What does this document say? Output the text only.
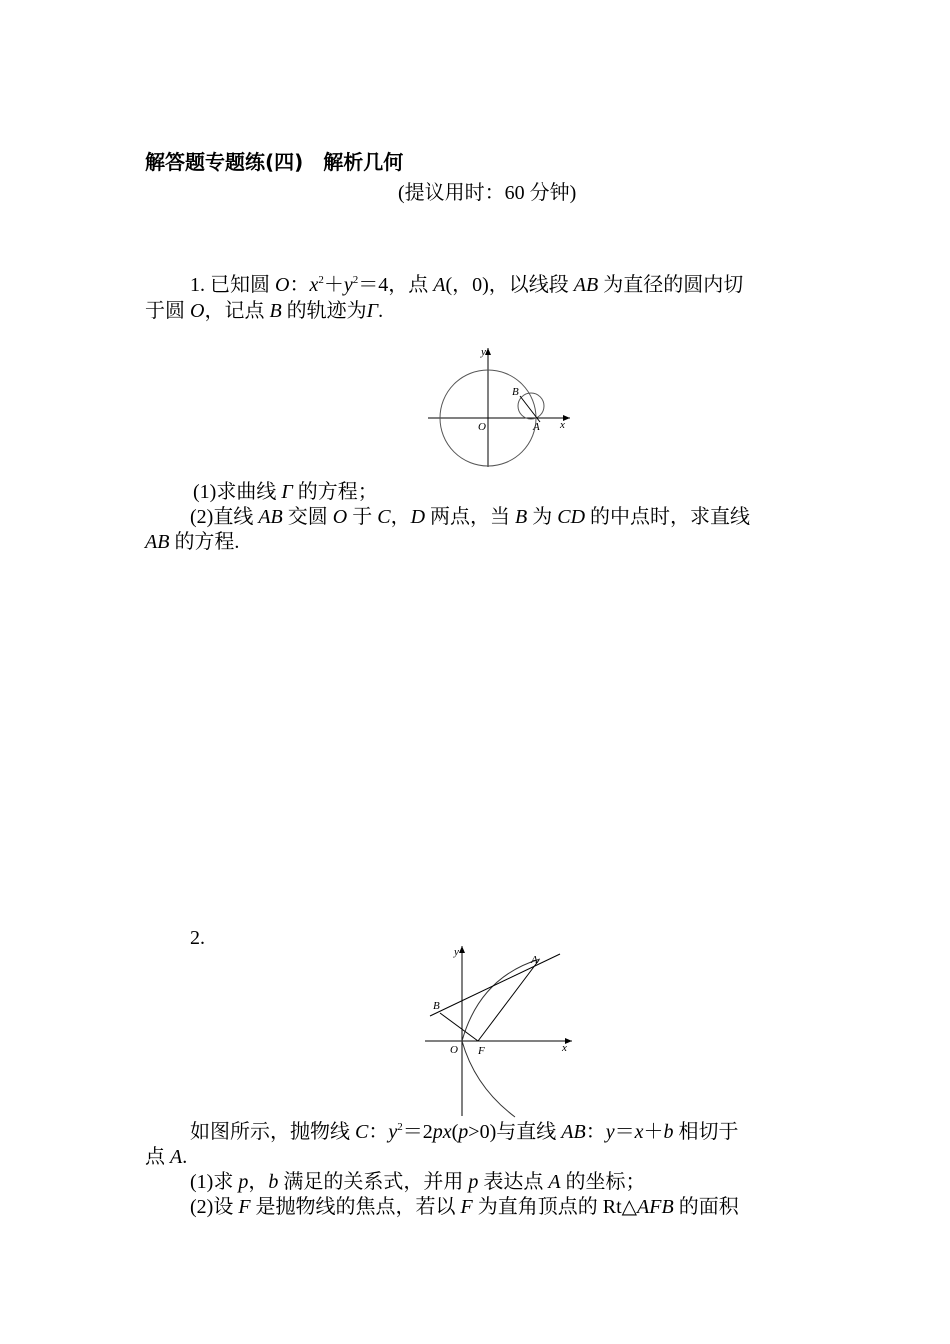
解答题专题练(四)　解析几何
(提议用时：60 分钟)
1. 已知圆 O：$x^2+y^2=4$，点 A(，0)，以线段 AB 为直径的圆内切
于圆 O，记点 B 的轨迹为Γ.
y
x
O	A
B
(1)求曲线 Γ 的方程；
(2)直线 AB 交圆 O 于 C，D 两点，当 B 为 CD 的中点时，求直线
AB 的方程.
2.
y
x
O F
A
B
如图所示，抛物线 C：$y^2=2px(p>0)$与直线 AB：y＝x＋b 相切于
点 A.
(1)求 p，b 满足的关系式，并用 p 表达点 A 的坐标；
(2)设 F 是抛物线的焦点，若以 F 为直角顶点的 Rt△AFB 的面积
